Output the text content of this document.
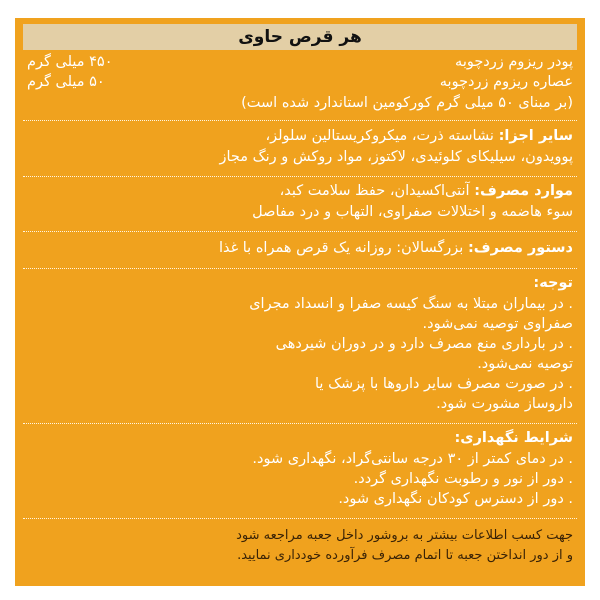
هر قرص حاوی
پودر ریزوم زردچوبه
۴۵۰ میلی گرم
عصاره ریزوم زردچوبه
۵۰ میلی گرم
(بر مبنای ۵۰ میلی گرم کورکومین استاندارد شده است)
سایر اجزا: نشاسته ذرت، میکروکریستالین سلولز،
پوویدون، سیلیکای کلوئیدی، لاکتوز، مواد روکش و رنگ مجاز
موارد مصرف: آنتی‌اکسیدان، حفظ سلامت کبد،
سوء هاضمه و اختلالات صفراوی، التهاب و درد مفاصل
دستور مصرف: بزرگسالان: روزانه یک قرص همراه با غذا
توجه:
. در بیماران مبتلا به سنگ کیسه صفرا و انسداد مجرای
صفراوی توصیه نمی‌شود.
. در بارداری منع مصرف دارد و در دوران شیردهی
توصیه نمی‌شود.
. در صورت مصرف سایر داروها با پزشک یا
داروساز مشورت شود.
شرایط نگهداری:
. در دمای کمتر از ۳۰ درجه سانتی‌گراد، نگهداری شود.
. دور از نور و رطوبت نگهداری گردد.
. دور از دسترس کودکان نگهداری شود.
جهت کسب اطلاعات بیشتر به بروشور داخل جعبه مراجعه شود
و از دور انداختن جعبه تا اتمام مصرف فرآورده خودداری نمایید.
